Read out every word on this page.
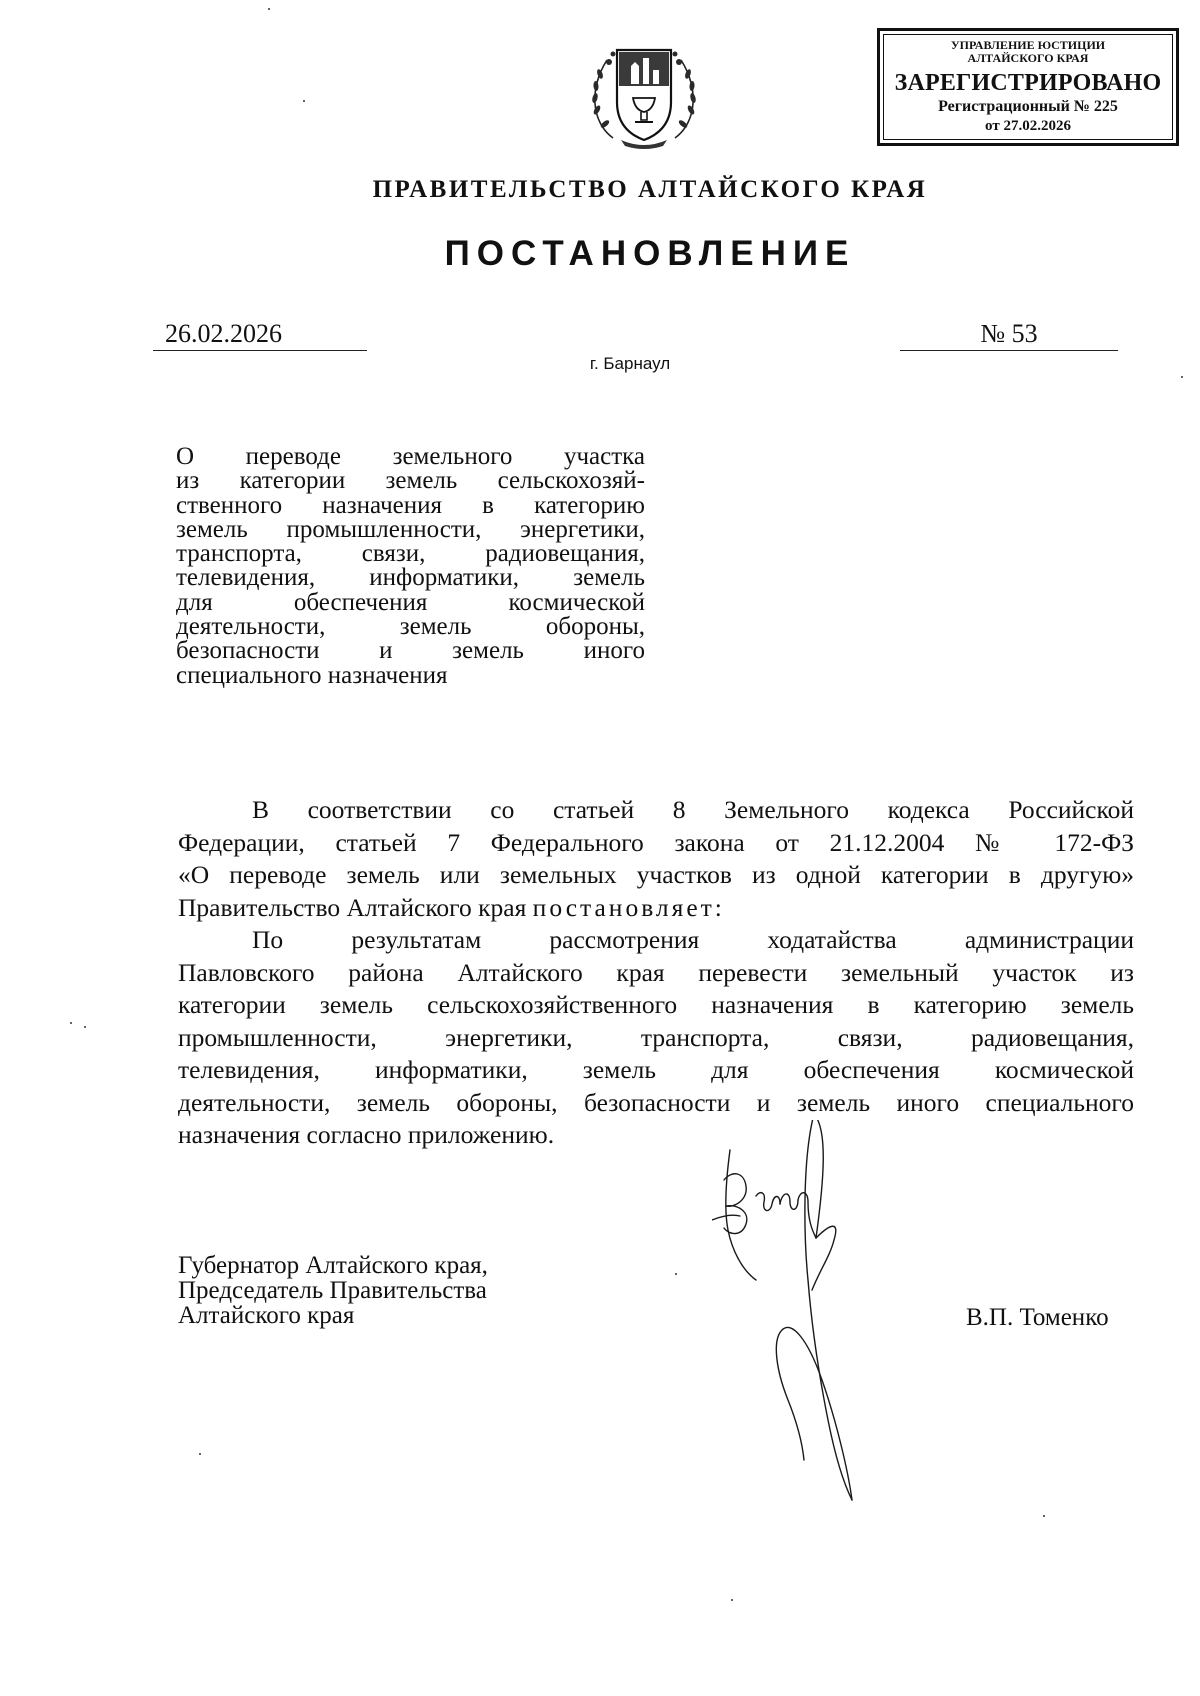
УПРАВЛЕНИЕ ЮСТИЦИИ
АЛТАЙСКОГО КРАЯ
ЗАРЕГИСТРИРОВАНО
Регистрационный № 225
от 27.02.2026
ПРАВИТЕЛЬСТВО АЛТАЙСКОГО КРАЯ
ПОСТАНОВЛЕНИЕ
26.02.2026	№ 53
г. Барнаул
О переводе земельного участка
из категории земель сельскохозяй-
ственного назначения в категорию
земель промышленности, энергетики,
транспорта, связи, радиовещания,
телевидения, информатики, земель
для обеспечения космической
деятельности, земель обороны,
безопасности и земель иного
специального назначения
В соответствии со статьей 8 Земельного кодекса Российской
Федерации, статьей 7 Федерального закона от 21.12.2004 № 172-ФЗ
«О переводе земель или земельных участков из одной категории в другую»
Правительство Алтайского края постановляет:
По результатам рассмотрения ходатайства администрации
Павловского района Алтайского края перевести земельный участок из
категории земель сельскохозяйственного назначения в категорию земель
промышленности, энергетики, транспорта, связи, радиовещания,
телевидения, информатики, земель для обеспечения космической
деятельности, земель обороны, безопасности и земель иного специального
назначения согласно приложению.
Губернатор Алтайского края,
Председатель Правительства
Алтайского края	В.П. Томенко
